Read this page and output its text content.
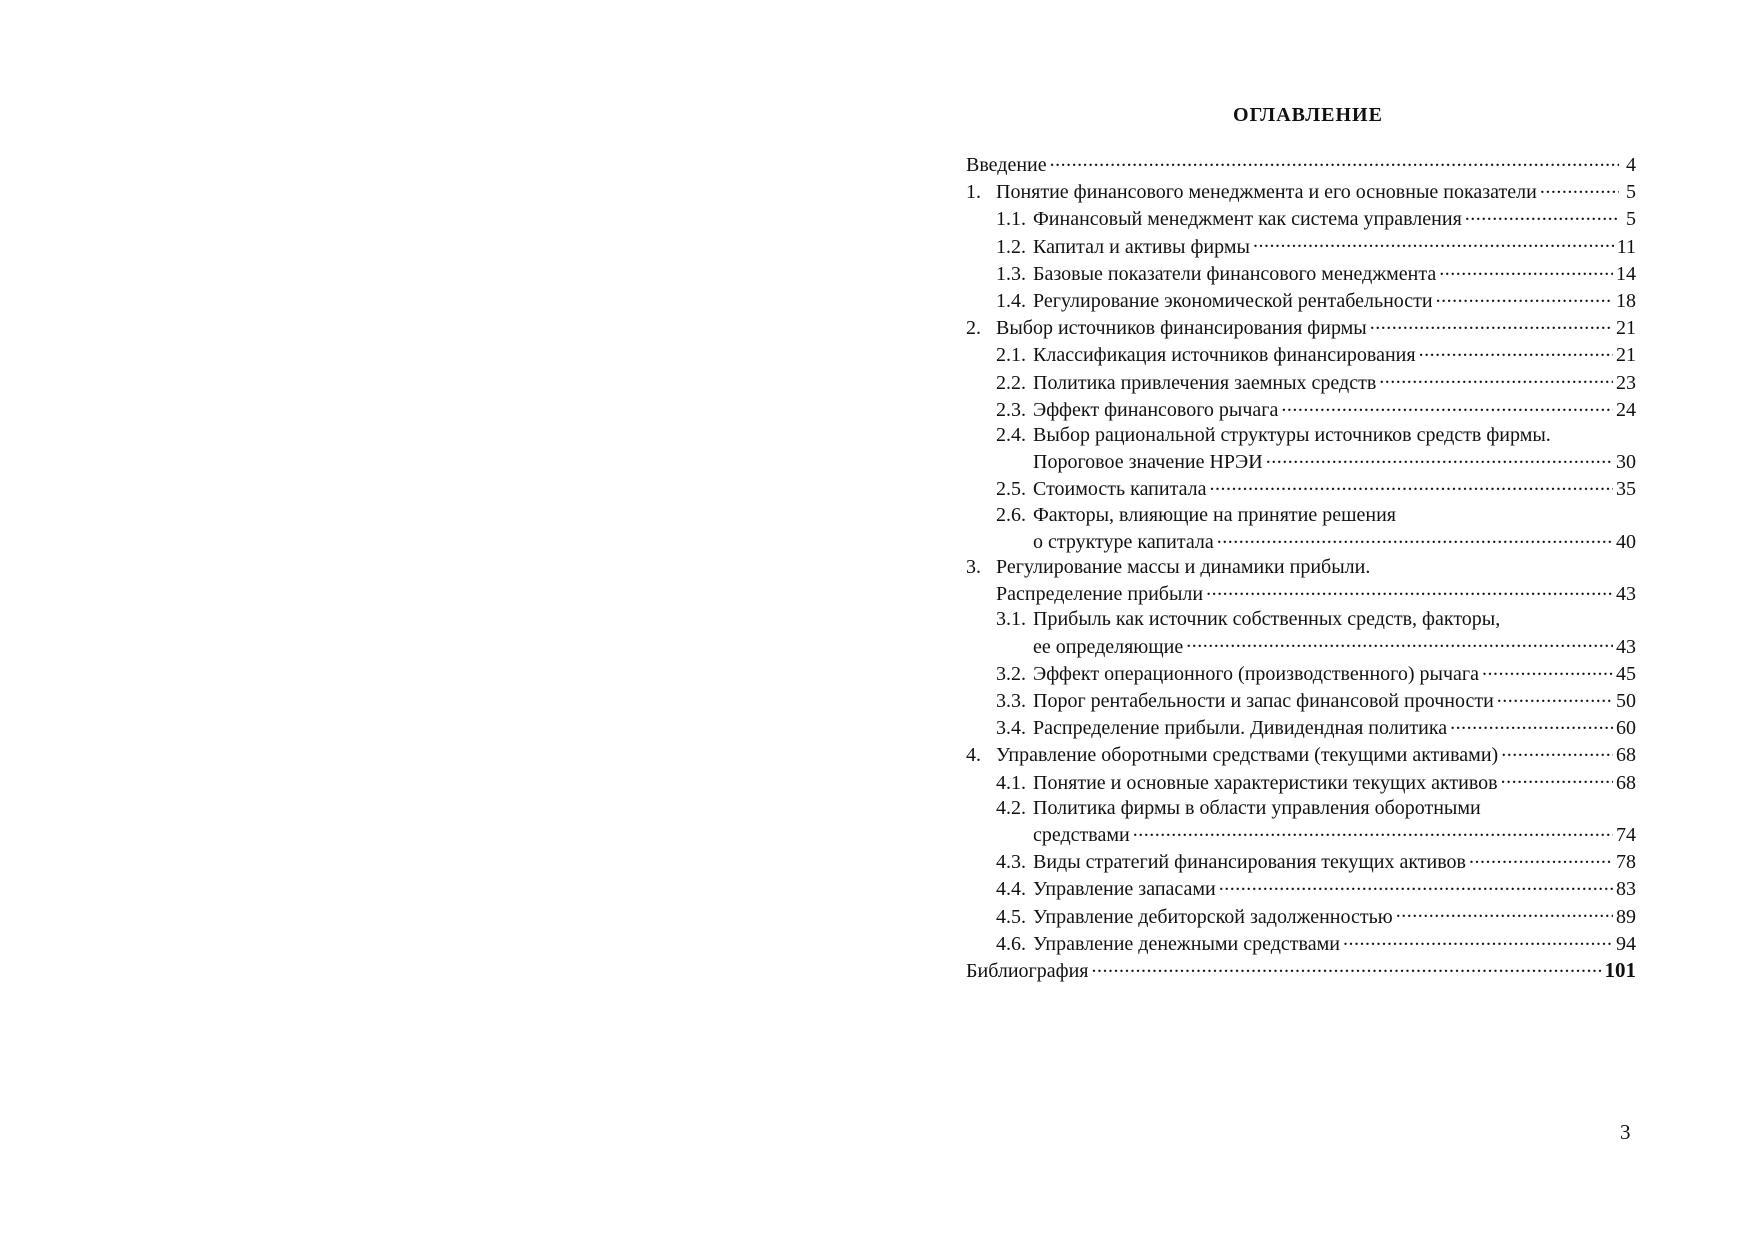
ОГЛАВЛЕНИЕ
Введение .....	4
1. Понятие финансового менеджмента и его основные показатели .....	5
1.1. Финансовый менеджмент как система управления .....	5
1.2. Капитал и активы фирмы .....	11
1.3. Базовые показатели финансового менеджмента .....	14
1.4. Регулирование экономической рентабельности .....	18
2. Выбор источников финансирования фирмы .....	21
2.1. Классификация источников финансирования .....	21
2.2. Политика привлечения заемных средств .....	23
2.3. Эффект финансового рычага .....	24
2.4. Выбор рациональной структуры источников средств фирмы.
Пороговое значение НРЭИ .....	30
2.5. Стоимость капитала .....	35
2.6. Факторы, влияющие на принятие решения
о структуре капитала .....	40
3. Регулирование массы и динамики прибыли.
Распределение прибыли .....	43
3.1. Прибыль как источник собственных средств, факторы,
ее определяющие .....	43
3.2. Эффект операционного (производственного) рычага .....	45
3.3. Порог рентабельности и запас финансовой прочности .....	50
3.4. Распределение прибыли. Дивидендная политика .....	60
4. Управление оборотными средствами (текущими активами) .....	68
4.1. Понятие и основные характеристики текущих активов .....	68
4.2. Политика фирмы в области управления оборотными
средствами .....	74
4.3. Виды стратегий финансирования текущих активов .....	78
4.4. Управление запасами .....	83
4.5. Управление дебиторской задолженностью .....	89
4.6. Управление денежными средствами .....	94
Библиография .....	101
3
